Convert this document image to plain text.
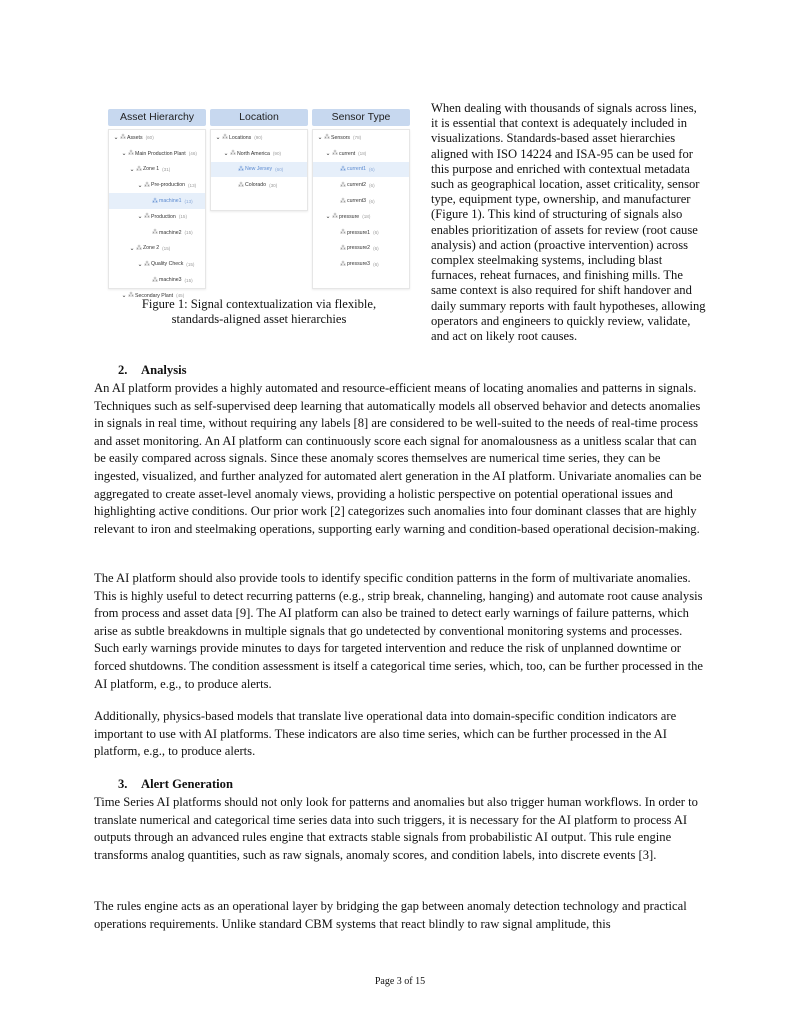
Asset Hierarchy
⌄ ⁂ Assets (60)
⌄ ⁂ Main Production Plant (46)
⌄ ⁂ Zone 1 (31)
⌄ ⁂ Pre-production (13)
⁂ machine1 (13)
⌄ ⁂ Production (15)
⁂ machine2 (15)
⌄ ⁂ Zone 2 (15)
⌄ ⁂ Quality Check (15)
⁂ machine3 (15)
⌄ ⁂ Secondary Plant (45)
Location
⌄ ⁂ Locations (90)
⌄ ⁂ North America (90)
⁂ New Jersey (60)
⁂ Colorado (30)
Sensor Type
⌄ ⁂ Sensors (78)
⌄ ⁂ current (18)
⁂ current1 (6)
⁂ current2 (6)
⁂ current3 (6)
⌄ ⁂ pressure (18)
⁂ pressure1 (6)
⁂ pressure2 (6)
⁂ pressure3 (6)
Figure 1: Signal contextualization via flexible, standards-aligned asset hierarchies
When dealing with thousands of signals across lines, it is essential that context is adequately included in visualizations. Standards-based asset hierarchies aligned with ISO 14224 and ISA-95 can be used for this purpose and enriched with contextual metadata such as geographical location, asset criticality, sensor type, equipment type, ownership, and manufacturer (Figure 1). This kind of structuring of signals also enables prioritization of assets for review (root cause analysis) and action (proactive intervention) across complex steelmaking systems, including blast furnaces, reheat furnaces, and finishing mills. The same context is also required for shift handover and daily summary reports with fault hypotheses, allowing operators and engineers to quickly review, validate, and act on likely root causes.
2. Analysis
An AI platform provides a highly automated and resource-efficient means of locating anomalies and patterns in signals. Techniques such as self-supervised deep learning that automatically models all observed behavior and detects anomalies in signals in real time, without requiring any labels [8] are considered to be well-suited to the needs of real-time process and asset monitoring. An AI platform can continuously score each signal for anomalousness as a unitless scalar that can be easily compared across signals. Since these anomaly scores themselves are numerical time series, they can be ingested, visualized, and further analyzed for automated alert generation in the AI platform. Univariate anomalies can be aggregated to create asset-level anomaly views, providing a holistic perspective on potential operational issues and highlighting active conditions. Our prior work [2] categorizes such anomalies into four dominant classes that are highly relevant to iron and steelmaking operations, supporting early warning and condition-based operational decision-making.
The AI platform should also provide tools to identify specific condition patterns in the form of multivariate anomalies. This is highly useful to detect recurring patterns (e.g., strip break, channeling, hanging) and automate root cause analysis from process and asset data [9]. The AI platform can also be trained to detect early warnings of failure patterns, which arise as subtle breakdowns in multiple signals that go undetected by conventional monitoring systems and processes. Such early warnings provide minutes to days for targeted intervention and reduce the risk of unplanned downtime or forced shutdowns. The condition assessment is itself a categorical time series, which, too, can be further processed in the AI platform, e.g., to produce alerts.
Additionally, physics-based models that translate live operational data into domain-specific condition indicators are important to use with AI platforms. These indicators are also time series, which can be further processed in the AI platform, e.g., to produce alerts.
3. Alert Generation
Time Series AI platforms should not only look for patterns and anomalies but also trigger human workflows. In order to translate numerical and categorical time series data into such triggers, it is necessary for the AI platform to process AI outputs through an advanced rules engine that extracts stable signals from probabilistic AI output. This rule engine transforms analog quantities, such as raw signals, anomaly scores, and condition labels, into discrete events [3].
The rules engine acts as an operational layer by bridging the gap between anomaly detection technology and practical operations requirements. Unlike standard CBM systems that react blindly to raw signal amplitude, this
Page 3 of 15
